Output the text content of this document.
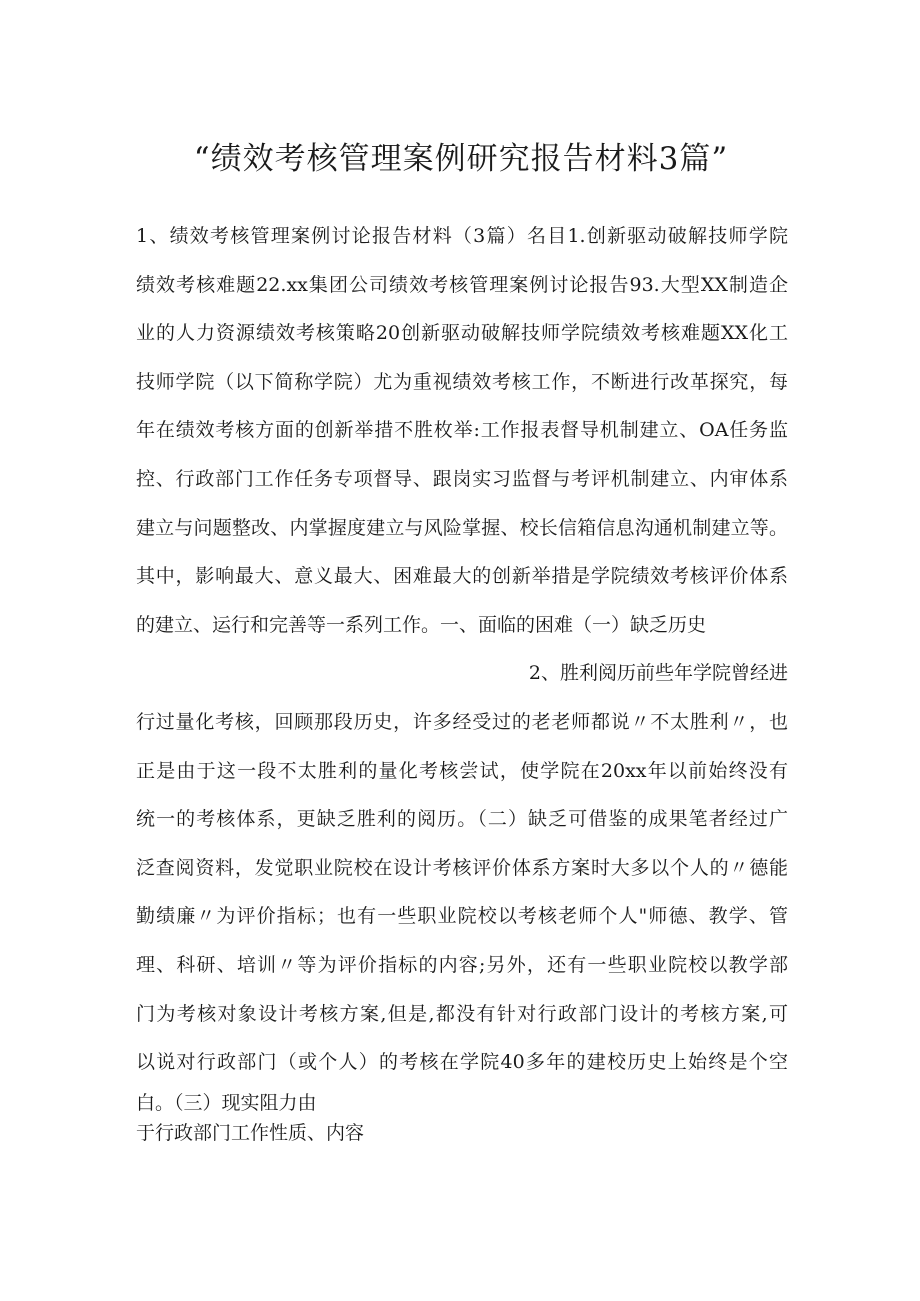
“绩效考核管理案例研究报告材料3篇”
1、绩效考核管理案例讨论报告材料（3篇）名目1.创新驱动破解技师学院
绩效考核难题22.xx集团公司绩效考核管理案例讨论报告93.大型XX制造企
业的人力资源绩效考核策略20创新驱动破解技师学院绩效考核难题XX化工
技师学院（以下简称学院）尤为重视绩效考核工作，不断进行改革探究，每
年在绩效考核方面的创新举措不胜枚举:工作报表督导机制建立、OA任务监
控、行政部门工作任务专项督导、跟岗实习监督与考评机制建立、内审体系
建立与问题整改、内掌握度建立与风险掌握、校长信箱信息沟通机制建立等。
其中，影响最大、意义最大、困难最大的创新举措是学院绩效考核评价体系
的建立、运行和完善等一系列工作。一、面临的困难（一）缺乏历史
2、胜利阅历前些年学院曾经进
行过量化考核，回顾那段历史，许多经受过的老老师都说〃不太胜利〃，也
正是由于这一段不太胜利的量化考核尝试，使学院在20xx年以前始终没有
统一的考核体系，更缺乏胜利的阅历。（二）缺乏可借鉴的成果笔者经过广
泛查阅资料，发觉职业院校在设计考核评价体系方案时大多以个人的〃德能
勤绩廉〃为评价指标；也有一些职业院校以考核老师个人"师德、教学、管
理、科研、培训〃等为评价指标的内容;另外，还有一些职业院校以教学部
门为考核对象设计考核方案,但是,都没有针对行政部门设计的考核方案,可
以说对行政部门（或个人）的考核在学院40多年的建校历史上始终是个空
白。（三）现实阻力由
于行政部门工作性质、内容
